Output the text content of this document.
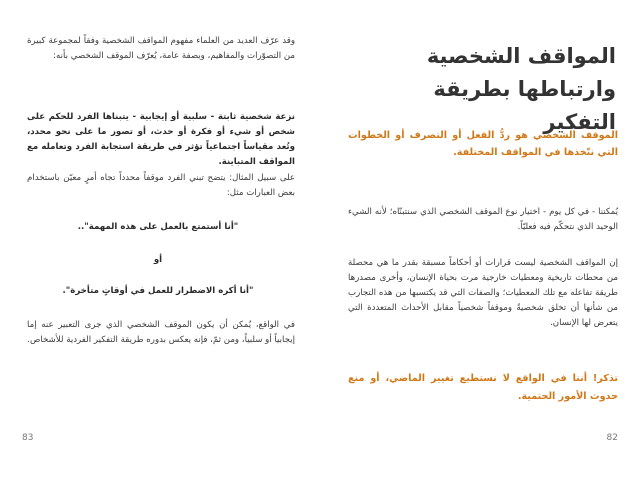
وقد عرّف العديد من العلماء مفهوم المواقف الشخصية وفقاً لمجموعة كبيرة من التصوّرات والمفاهيم، وبصفة عامة، يُعرّف الموقف الشخصي بأنه:

نزعة شخصية ثابتة - سلبية أو إيجابية - يتبناها الفرد للحكم على شخص أو شيء أو فكرة أو حدث، أو تصور ما على نحو محدد، وتُعد مقياساً اجتماعياً تؤثر في طريقة استجابة الفرد وتعامله مع المواقف المتباينة.

على سبيل المثال: يتضح تبني الفرد موقفاً محدداً تجاه أمرٍ معيّن باستخدام بعض العبارات مثل:

"أنا أستمتع بالعمل على هذه المهمة"..

أو

"أنا أكره الاضطرار للعمل في أوقاتٍ متأخرة".

في الواقع، يُمكن أن يكون الموقف الشخصي الذي جرى التعبير عنه إما إيجابياً أو سلبياً، ومن ثمّ، فإنه يعكس بدوره طريقة التفكير الفردية للأشخاص.

83
المواقف الشخصية وارتباطها بطريقة التفكير

الموقف الشخصي هو ردُّ الفعل أو التصرف أو الخطوات التي نتّخذها في المواقف المختلفة.

يُمكننا - في كل يوم - اختيار نوع الموقف الشخصي الذي سنتبنّاه؛ لأنه الشيء الوحيد الذي نتحكّم فيه فعليّاً.

إن المواقف الشخصية ليست قرارات أو أحكاماً مسبقة بقدر ما هي محصلة من محطات تاريخية ومعطيات خارجية مرت بحياة الإنسان، وأخرى مصدرها طريقة تفاعله مع تلك المعطيات؛ والصفات التي قد يكتسبها من هذه التجارب من شأنها أن تخلق شخصيةً وموقفاً شخصياً مقابل الأحداث المتعددة التي يتعرض لها الإنسان.

تذكر! أننا في الواقع لا نستطيع تغيير الماضي، أو منع حدوث الأمور الحتمية.

82
